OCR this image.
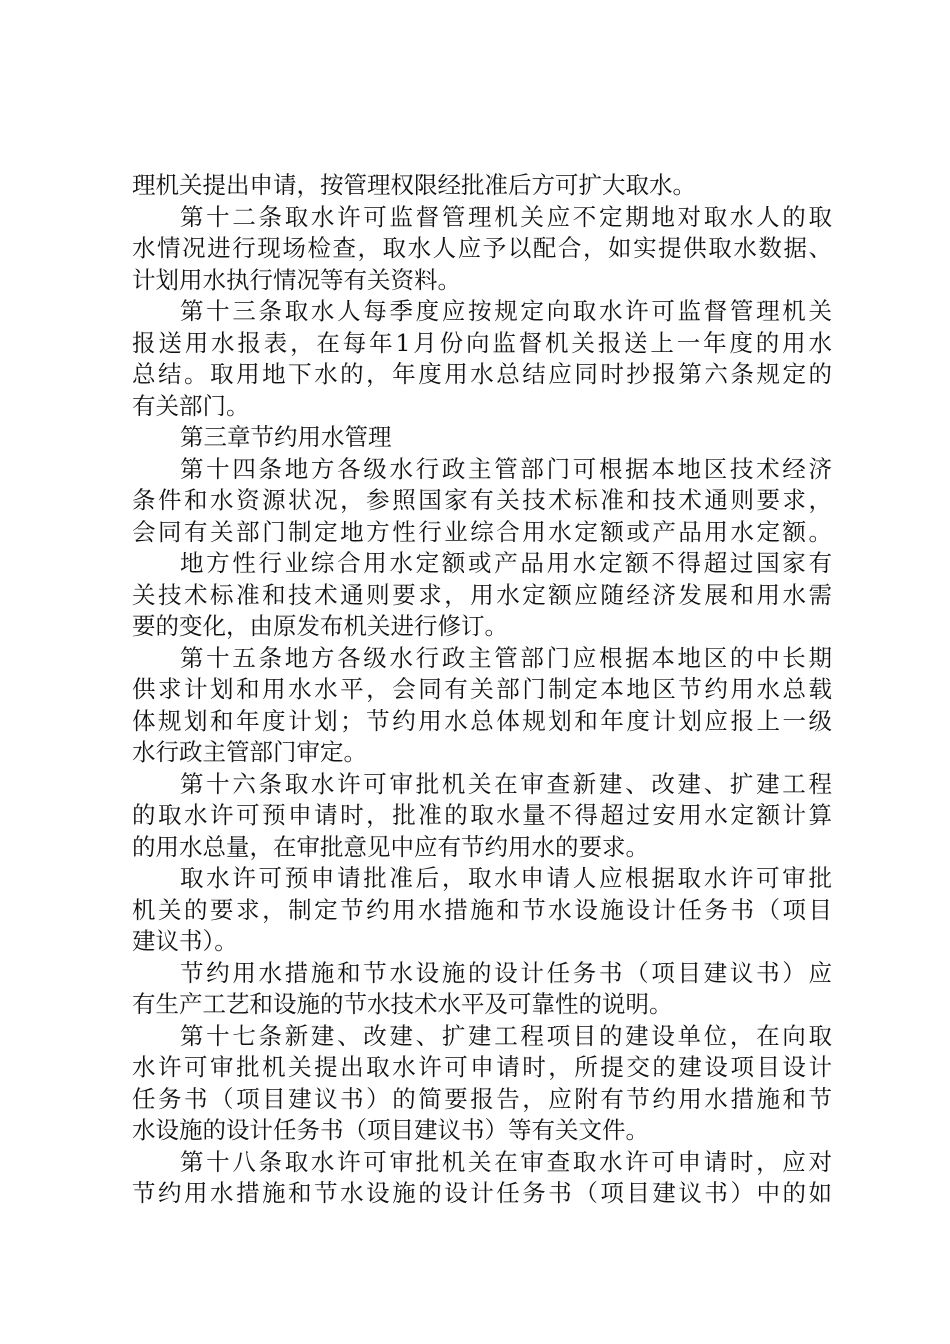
理机关提出申请，按管理权限经批准后方可扩大取水。
第十二条取水许可监督管理机关应不定期地对取水人的取
水情况进行现场检查，取水人应予以配合，如实提供取水数据、
计划用水执行情况等有关资料。
第十三条取水人每季度应按规定向取水许可监督管理机关
报送用水报表，在每年1月份向监督机关报送上一年度的用水
总结。取用地下水的，年度用水总结应同时抄报第六条规定的
有关部门。
第三章节约用水管理
第十四条地方各级水行政主管部门可根据本地区技术经济
条件和水资源状况，参照国家有关技术标准和技术通则要求，
会同有关部门制定地方性行业综合用水定额或产品用水定额。
地方性行业综合用水定额或产品用水定额不得超过国家有
关技术标准和技术通则要求，用水定额应随经济发展和用水需
要的变化，由原发布机关进行修订。
第十五条地方各级水行政主管部门应根据本地区的中长期
供求计划和用水水平，会同有关部门制定本地区节约用水总载
体规划和年度计划；节约用水总体规划和年度计划应报上一级
水行政主管部门审定。
第十六条取水许可审批机关在审查新建、改建、扩建工程
的取水许可预申请时，批准的取水量不得超过安用水定额计算
的用水总量，在审批意见中应有节约用水的要求。
取水许可预申请批准后，取水申请人应根据取水许可审批
机关的要求，制定节约用水措施和节水设施设计任务书（项目
建议书）。
节约用水措施和节水设施的设计任务书（项目建议书）应
有生产工艺和设施的节水技术水平及可靠性的说明。
第十七条新建、改建、扩建工程项目的建设单位，在向取
水许可审批机关提出取水许可申请时，所提交的建设项目设计
任务书（项目建议书）的简要报告，应附有节约用水措施和节
水设施的设计任务书（项目建议书）等有关文件。
第十八条取水许可审批机关在审查取水许可申请时，应对
节约用水措施和节水设施的设计任务书（项目建议书）中的如
